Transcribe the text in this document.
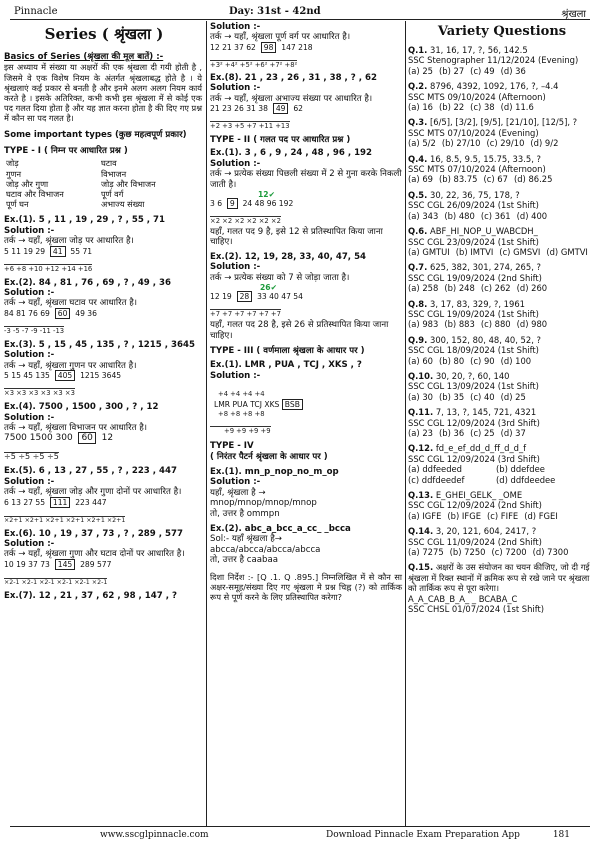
Pinnacle	Day: 31st - 42nd	श्रृंखला
Series ( श्रृंखला )
Basics of Series (श्रृंखला की मूल बातें) :-
इस अध्याय में संख्या या अक्षरों की एक श्रृंखला दी गयी होती है , जिसमे वे एक विशेष नियम के अंतर्गत श्रृंखलाबद्ध होते है । ये श्रृंखलाएं कई प्रकार से बनती है और इनमे अलग अलग नियम कार्य करते है । इसके अतिरिक्त, कभी कभी इस श्रृंखला में से कोई एक पद गलत दिया होता है और यह ज्ञात करना होता है की दिए गए प्रश्न में कौन सा पद गलत है।
Some important types (कुछ महत्वपूर्ण प्रकार)
TYPE - I ( निम्न पर आधारित प्रश्न )
जोड़	घटाव
गुणन	विभाजन
जोड़ और गुणा	जोड़ और विभाजन
घटाव और विभाजन	पूर्ण वर्ग
पूर्ण घन	अभाज्य संख्या
Ex.(1). 5 , 11 , 19 , 29 , ? , 55 , 71
Solution :-
तर्क → यहाँ, श्रृंखला जोड़ पर आधारित है।
5 11 19 29 41 55 71
+6 +8 +10 +12 +14 +16
Ex.(2). 84 , 81 , 76 , 69 , ? , 49 , 36
Solution :-
तर्क → यहाँ, श्रृंखला घटाव पर आधारित है।
84 81 76 69 60 49 36
-3 -5 -7 -9 -11 -13
Ex.(3). 5 , 15 , 45 , 135 , ? , 1215 , 3645
Solution :-
तर्क → यहाँ, श्रृंखला गुणन पर आधारित है।
5 15 45 135 405 1215 3645
×3 ×3 ×3 ×3 ×3 ×3
Ex.(4). 7500 , 1500 , 300 , ? , 12
Solution :-
तर्क → यहाँ, श्रृंखला विभाजन पर आधारित है।
7500 1500 300 60 12
÷5 ÷5 ÷5 ÷5
Ex.(5). 6 , 13 , 27 , 55 , ? , 223 , 447
Solution :-
तर्क → यहाँ, श्रृंखला जोड़ और गुणा दोनों पर आधारित है।
6 13 27 55 111 223 447
×2+1 ×2+1 ×2+1 ×2+1 ×2+1 ×2+1
Ex.(6). 10 , 19 , 37 , 73 , ? , 289 , 577
Solution :-
तर्क → यहाँ, श्रृंखला गुणा और घटाव दोनों पर आधारित है।
10 19 37 73 145 289 577
×2-1 ×2-1 ×2-1 ×2-1 ×2-1 ×2-1
Ex.(7). 12 , 21 , 37 , 62 , 98 , 147 , ?
Solution :-
तर्क → यहाँ, श्रृंखला पूर्ण वर्ग पर आधारित है।
12 21 37 62 98 147 218
+3² +4² +5² +6² +7² +8²
Ex.(8). 21 , 23 , 26 , 31 , 38 , ? , 62
Solution :-
तर्क → यहाँ, श्रृंखला अभाज्य संख्या पर आधारित है।
21 23 26 31 38 49 62
+2 +3 +5 +7 +11 +13
TYPE - II ( गलत पद पर आधारित प्रश्न )
Ex.(1). 3 , 6 , 9 , 24 , 48 , 96 , 192
Solution :-
तर्क → प्रत्येक संख्या पिछली संख्या में 2 से गुना करके निकली जाती है।
12✔
3 6 9 24 48 96 192
×2 ×2 ×2 ×2 ×2 ×2
यहाँ, गलत पद 9 है, इसे 12 से प्रतिस्थापित किया जाना चाहिए।
Ex.(2). 12, 19, 28, 33, 40, 47, 54
Solution :-
तर्क → प्रत्येक संख्या को 7 से जोड़ा जाता है।
26✔
12 19 28 33 40 47 54
+7 +7 +7 +7 +7 +7
यहाँ, गलत पद 28 है, इसे 26 से प्रतिस्थापित किया जाना चाहिए।
TYPE - III ( वर्णमाला श्रृंखला के आधार पर )
Ex.(1). LMR , PUA , TCJ , XKS , ?
Solution :-
+4 +4 +4 +4
LMR PUA TCJ XKS BSB
+8 +8 +8 +8
+9 +9 +9 +9
TYPE - IV
( निरंतर पैटर्न श्रृंखला के आधार पर )
Ex.(1). mn_p_nop_no_m_op
Solution :-
यहाँ, श्रृंखला है →
mnop/mnop/mnop/mnop
तो, उत्तर है ommpn
Ex.(2). abc_a_bcc_a_cc_ _bcca
Sol:- यहाँ श्रृंखला है→
abcca/abcca/abcca/abcca
तो, उत्तर है caabaa
दिशा निर्देश :- [Q .1. Q .895.] निम्नलिखित में से कौन सा अक्षर-समूह/संख्या दिए गए श्रृंखला मे प्रश्न चिह्न (?) को तार्किक रूप से पूर्ण करने के लिए प्रतिस्थापित करेगा?
Variety Questions
Q.1. 31, 16, 17, ?, 56, 142.5
SSC Stenographer 11/12/2024 (Evening)
(a) 25 (b) 27 (c) 49 (d) 36
Q.2. 8796, 4392, 1092, 176, ?, –4.4
SSC MTS 09/10/2024 (Afternoon)
(a) 16 (b) 22 (c) 38 (d) 11.6
Q.3. [6/5], [3/2], [9/5], [21/10], [12/5], ?
SSC MTS 07/10/2024 (Evening)
(a) 5/2 (b) 27/10 (c) 29/10 (d) 9/2
Q.4. 16, 8.5, 9.5, 15.75, 33.5, ?
SSC MTS 07/10/2024 (Afternoon)
(a) 69 (b) 83.75 (c) 67 (d) 86.25
Q.5. 30, 22, 36, 75, 178, ?
SSC CGL 26/09/2024 (1st Shift)
(a) 343 (b) 480 (c) 361 (d) 400
Q.6. ABF_HI_NOP_U_WABCDH_
SSC CGL 23/09/2024 (1st Shift)
(a) GMTUI (b) IMTVI (c) GMSVI (d) GMTVI
Q.7. 625, 382, 301, 274, 265, ?
SSC CGL 19/09/2024 (2nd Shift)
(a) 258 (b) 248 (c) 262 (d) 260
Q.8. 3, 17, 83, 329, ?, 1961
SSC CGL 19/09/2024 (1st Shift)
(a) 983 (b) 883 (c) 880 (d) 980
Q.9. 300, 152, 80, 48, 40, 52, ?
SSC CGL 18/09/2024 (1st Shift)
(a) 60 (b) 80 (c) 90 (d) 100
Q.10. 30, 20, ?, 60, 140
SSC CGL 13/09/2024 (1st Shift)
(a) 30 (b) 35 (c) 40 (d) 25
Q.11. 7, 13, ?, 145, 721, 4321
SSC CGL 12/09/2024 (3rd Shift)
(a) 23 (b) 36 (c) 25 (d) 37
Q.12. fd_e_ef_dd_d_ff_d_d_f
SSC CGL 12/09/2024 (3rd Shift)
(a) ddfeeded	(b) ddefdee
(c) ddfdeedef	(d) ddfdeedee
Q.13. E_GHEI_GELK_ _OME
SSC CGL 12/09/2024 (2nd Shift)
(a) IGFE (b) IFGE (c) FIFE (d) FGEI
Q.14. 3, 20, 121, 604, 2417, ?
SSC CGL 11/09/2024 (2nd Shift)
(a) 7275 (b) 7250 (c) 7200 (d) 7300
Q.15. अक्षरों के उस संयोजन का चयन कीजिए, जो दी गई श्रृंखला में रिक्त स्थानों में क्रमिक रूप से रखे जाने पर श्रृंखला को तार्किक रूप से पूरा करेगा।
A_A_CAB_B_A_ _ BCABA_C
SSC CHSL 01/07/2024 (1st Shift)
www.sscglpinnacle.com	Download Pinnacle Exam Preparation App	181
